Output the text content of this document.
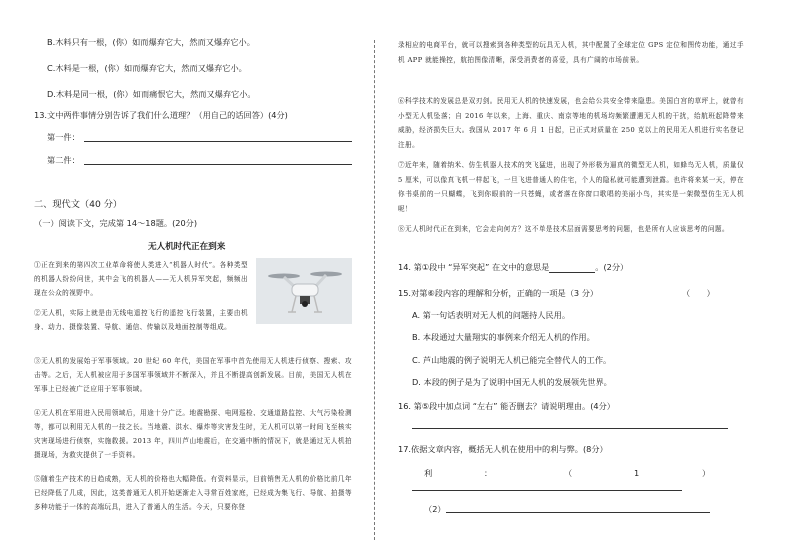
B.木料只有一根，(你）如而爆弃它大，然而又爆弃它小。
C.木料是一根，(你）如而爆弃它大，然而又爆弃它小。
D.木料是同一根，(你）如而痛恨它大，然而又爆弃它小。
13.文中两件事情分别告诉了我们什么道理？（用自己的话回答）(4分)
第一件：
第二件：
二、现代文（40 分）
（一）阅读下文，完成第 14～18题。(20分)
无人机时代正在到来
①正在到来的第四次工业革命将使人类进入“机器人时代”。各种类型的机器人纷纷问世，其中会飞的机器人——无人机异军突起，频频出现在公众的视野中。
②无人机，实际上就是由无线电遥控飞行的遥控飞行装置，主要由机身、动力、摄像装置、导航、通信、传输以及地面控制等组成。
③无人机的发展始于军事领域。20 世纪 60 年代，美国在军事中首先使用无人机进行侦察、搜索、攻击等。之后，无人机被应用于多国军事领域并不断深入，并且不断提高创新发展。目前，美国无人机在军事上已经被广泛应用于军事领域。
④无人机在军用进入民用领域后，用途十分广泛。地震勘探、电网巡检、交通道路监控、大气污染检测等，都可以利用无人机的一技之长。当地震、洪水、爆炸等灾害发生时，无人机可以第一时间飞至核实灾害现场进行侦察，实施救援。2013 年，四川芦山地震后，在交通中断的情况下，就是通过无人机拍摄现场，为救灾提供了一手资料。
⑤随着生产技术的日趋成熟，无人机的价格也大幅降低。有资料显示，目前销售无人机的价格比前几年已经降低了几成，因此，这类普通无人机开始逐渐走入寻常百姓家庭，已经成为集飞行、导航、拍摄等多种功能于一体的高端玩具，进入了普通人的生活。今天，只要你登
录相应的电商平台，就可以搜索到各种类型的玩具无人机，其中配置了全球定位 GPS 定位和图传功能，通过手机 APP 就能操控，航拍图像清晰，深受消费者的喜爱，具有广阔的市场前景。
⑥科学技术的发展总是双刃剑。民用无人机的快速发展，也会给公共安全带来隐患。美国白宫的草坪上，就曾有小型无人机坠落；自 2016 年以来，上海、重庆、南京等地的机场均频繁遭遇无人机的干扰，给航班起降带来威胁，经济损失巨大。我国从 2017 年 6 月 1 日起，已正式对质量在 250 克以上的民用无人机进行实名登记注册。
⑦近年来，随着纳米、仿生机器人技术的突飞猛进，出现了外形极为逼真的微型无人机，如蜂鸟无人机，质量仅 5 厘米，可以像真飞机一样起飞，一旦飞进普通人的住宅，个人的隐私就可能遭到泄露。也许将来某一天，停在你书桌前的一只蝴蝶，飞到你眼前的一只苍蝇，或者落在你窗口歌唱的美丽小鸟，其实是一架微型仿生无人机呢！
⑧无人机时代正在到来，它会走向何方？这不单是技术层面需要思考的问题，也是所有人应该思考的问题。
14. 第①段中 “异军突起” 在文中的意思是	。(2分）
15.对第⑥段内容的理解和分析，正确的一项是（3 分）	（　　）
A. 第一句话表明对无人机的问题持人民用。
B. 本段通过大量翔实的事例来介绍无人机的作用。
C. 芦山地震的例子说明无人机已能完全替代人的工作。
D. 本段的例子是为了说明中国无人机的发展领先世界。
16. 第⑤段中加点词 “左右” 能否删去？请说明理由。(4分）
17.依据文章内容，概括无人机在使用中的利与弊。(8分）
利	：	（	1	）
（2）
